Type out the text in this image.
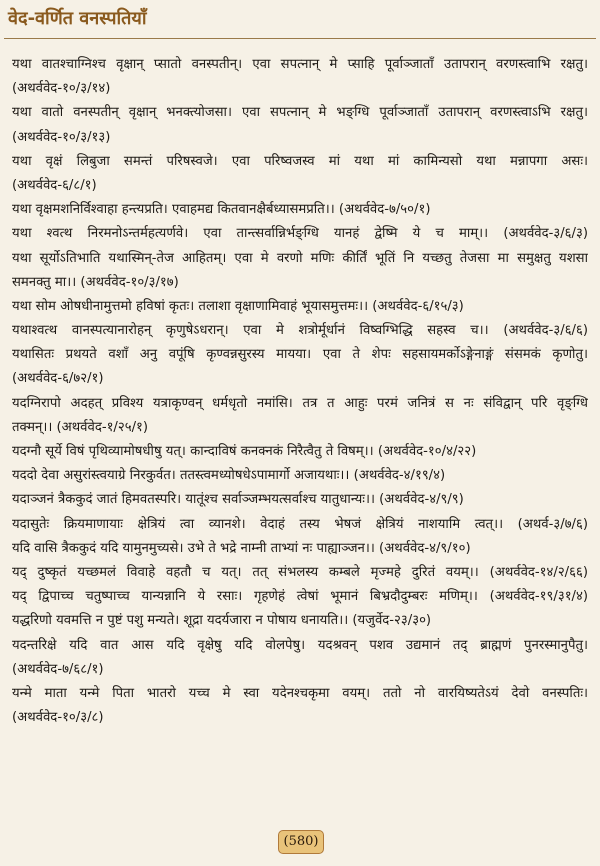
वेद-वर्णित वनस्पतियाँ
यथा वातश्चाग्निश्च वृक्षान् प्सातो वनस्पतीन्। एवा सपत्नान् मे प्साहि पूर्वाञ्जाताँ उतापरान् वरणस्त्वाभि रक्षतु।
(अथर्ववेद-१०/३/१४)
यथा वातो वनस्पतीन् वृक्षान् भनक्त्योजसा। एवा सपत्नान् मे भङ्ग्धि पूर्वाञ्जाताँ उतापरान् वरणस्त्वाऽभि रक्षतु।
(अथर्ववेद-१०/३/१३)
यथा वृक्षं लिबुजा समन्तं परिषस्वजे। एवा परिष्वजस्व मां यथा मां कामिन्यसो यथा मन्नापगा असः।
(अथर्ववेद-६/८/१)
यथा वृक्षमशनिर्विश्वाहा हन्त्यप्रति। एवाहमद्य कितवानक्षैर्बध्यासमप्रति।। (अथर्ववेद-७/५०/१)
यथा श्वत्थ निरमनोऽन्तर्महत्यर्णवे। एवा तान्त्सर्वान्निर्भङ्ग्धि यानहं द्वेष्मि ये च माम्।। (अथर्ववेद-३/६/३)
यथा सूर्योऽतिभाति यथास्मिन्-तेज आहितम्। एवा मे वरणो मणिः कीर्तिं भूतिं नि यच्छतु तेजसा मा समुक्षतु यशसा
समनक्तु मा।। (अथर्ववेद-१०/३/१७)
यथा सोम ओषधीनामुत्तमो हविषां कृतः। तलाशा वृक्षाणामिवाहं भूयासमुत्तमः।। (अथर्ववेद-६/१५/३)
यथाश्वत्थ वानस्पत्यानारोहन् कृणुषेऽधरान्। एवा मे शत्रोर्मूर्धानं विष्वग्भिद्धि सहस्व च।। (अथर्ववेद-३/६/६)
यथासितः प्रथयते वशाँ अनु वपूंषि कृण्वन्नसुरस्य मायया। एवा ते शेपः सहसायमर्कोऽङ्गेनाङ्गं संसमकं कृणोतु।
(अथर्ववेद-६/७२/१)
यदग्निरापो अदहत् प्रविश्य यत्राकृण्वन् धर्मधृतो नमांसि। तत्र त आहुः परमं जनित्रं स नः संविद्वान् परि वृङ्ग्धि
तक्मन्।। (अथर्ववेद-१/२५/१)
यदग्नौ सूर्ये विषं पृथिव्यामोषधीषु यत्। कान्दाविषं कनक्नकं निरैत्वैतु ते विषम्।। (अथर्ववेद-१०/४/२२)
यददो देवा असुरांस्त्वयाग्रे निरकुर्वत। ततस्त्वमध्योषधेऽपामार्गो अजायथाः।। (अथर्ववेद-४/१९/४)
यदाञ्जनं त्रैककुदं जातं हिमवतस्परि। यातूंश्च सर्वाञ्जम्भयत्सर्वाश्च यातुधान्यः।। (अथर्ववेद-४/९/९)
यदासुतेः क्रियमाणायाः क्षेत्रियं त्वा व्यानशे। वेदाहं तस्य भेषजं क्षेत्रियं नाशयामि त्वत्।। (अथर्व-३/७/६)
यदि वासि त्रैककुदं यदि यामुनमुच्यसे। उभे ते भद्रे नाम्नी ताभ्यां नः पाह्याञ्जन।। (अथर्ववेद-४/९/१०)
यद् दुष्कृतं यच्छमलं विवाहे वहतौ च यत्। तत् संभलस्य कम्बले मृज्महे दुरितं वयम्।। (अथर्ववेद-१४/२/६६)
यद् द्विपाच्च चतुष्पाच्च यान्यन्नानि ये रसाः। गृहणेहं त्वेषां भूमानं बिभ्रदौदुम्बरः मणिम्।। (अथर्ववेद-१९/३१/४)
यद्धरिणो यवमत्ति न पुष्टं पशु मन्यते। शूद्रा यदर्यजारा न पोषाय धनायति।। (यजुर्वेद-२३/३०)
यदन्तरिक्षे यदि वात आस यदि वृक्षेषु यदि वोलपेषु। यदश्रवन् पशव उद्यमानं तद् ब्राह्मणं पुनरस्मानुपैतु।
(अथर्ववेद-७/६८/१)
यन्मे माता यन्मे पिता भातरो यच्च मे स्वा यदेनश्चकृमा वयम्। ततो नो वारयिष्यतेऽयं देवो वनस्पतिः।
(अथर्ववेद-१०/३/८)
(580)
